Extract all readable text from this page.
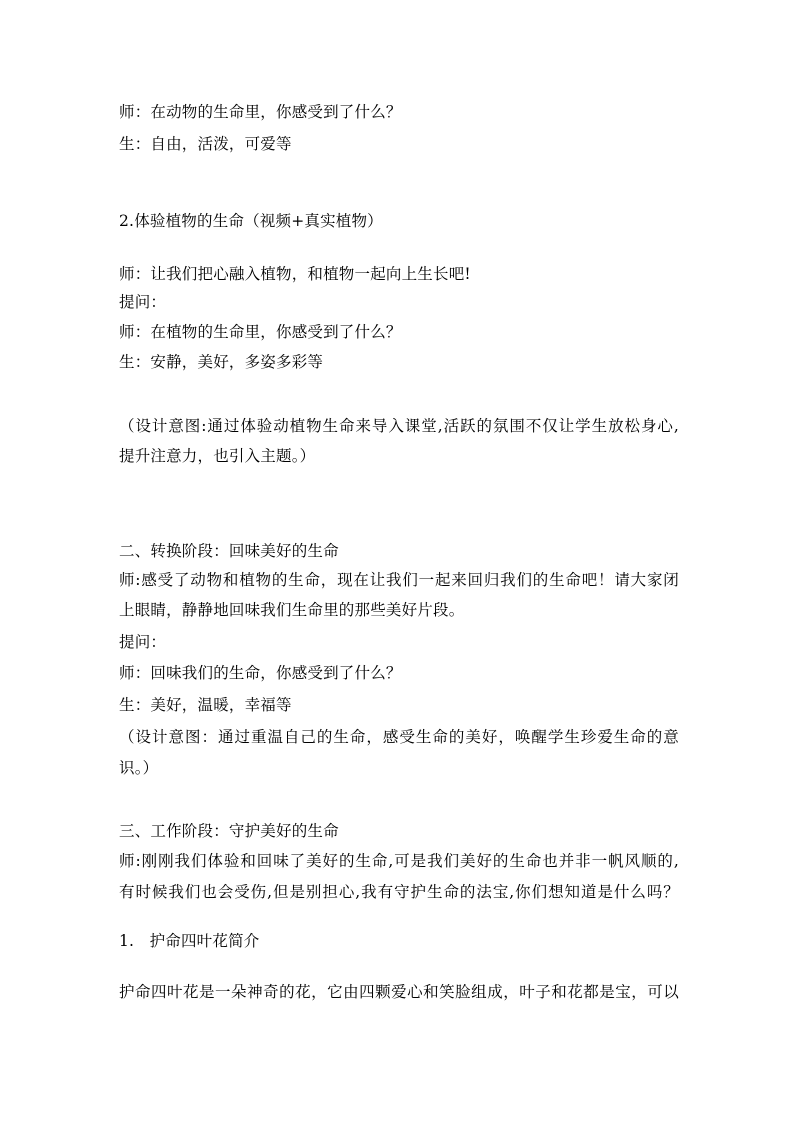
师：在动物的生命里，你感受到了什么？
生：自由，活泼，可爱等
2.体验植物的生命（视频+真实植物）
师：让我们把心融入植物，和植物一起向上生长吧!
提问：
师：在植物的生命里，你感受到了什么？
生：安静，美好，多姿多彩等
（设计意图:通过体验动植物生命来导入课堂,活跃的氛围不仅让学生放松身心,
提升注意力，也引入主题。）
二、转换阶段：回味美好的生命
师:感受了动物和植物的生命，现在让我们一起来回归我们的生命吧！请大家闭
上眼睛，静静地回味我们生命里的那些美好片段。
提问：
师：回味我们的生命，你感受到了什么？
生：美好，温暖，幸福等
（设计意图：通过重温自己的生命，感受生命的美好，唤醒学生珍爱生命的意
识。）
三、工作阶段：守护美好的生命
师:刚刚我们体验和回味了美好的生命,可是我们美好的生命也并非一帆风顺的,
有时候我们也会受伤,但是别担心,我有守护生命的法宝,你们想知道是什么吗？
1.   护命四叶花简介
护命四叶花是一朵神奇的花，它由四颗爱心和笑脸组成，叶子和花都是宝，可以
